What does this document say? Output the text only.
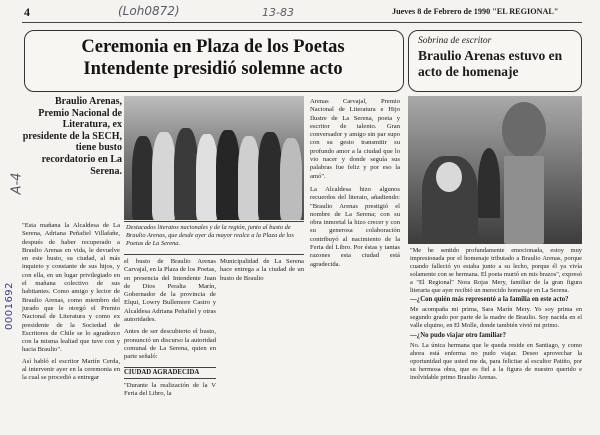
4	(Loh0872)	13-83	Jueves 8 de Febrero de 1990 "EL REGIONAL"
Ceremonia en Plaza de los Poetas
Intendente presidió solemne acto
Sobrina de escritor
Braulio Arenas estuvo en acto de homenaje
Braulio Arenas, Premio Nacional de Literatura, ex presidente de la SECH, tiene busto recordatorio en La Serena.
A-4
0001692
Destacados literatos nacionales y de la región, junto al busto de Braulio Arenas, que desde ayer da mayor realce a la Plaza de los Poetas de La Serena.
"Esta mañana la Alcaldesa de La Serena, Adriana Peñafiel Villafañe, después de haber recuperado a Braulio Arenas en vida, le devuelve en este busto, su ciudad, al más inquieto y constante de sus hijos, y con ella, en un lugar privilegiado en el mañana colectivo de sus habitantes. Como amigo y lector de Braulio Arenas, como miembro del jurado que le otorgó el Premio Nacional de Literatura y como ex presidente de la Sociedad de Escritores de Chile se lo agradezco con la misma lealtad que tuve con y hacia Braulio".
Así habló el escritor Martín Cerda, al intervenir ayer en la ceremonia en la cual se procedió a entregar
el busto de Braulio Arenas Carvajal, en la Plaza de los Poetas, en presencia del Intendente Juan de Dios Peralta Marín, Gobernador de la provincia de Elqui, Lowry Bullemore Castro y Alcaldesa Adriana Peñafiel y otras autoridades.
Antes de ser descubierto el busto, pronunció un discurso la autoridad comunal de La Serena, quien en parte señaló:
CIUDAD AGRADECIDA
"Durante la realización de la V Feria del Libro, la
Municipalidad de La Serena hace entrega a la ciudad de un busto de Braulio
Arenas Carvajal, Premio Nacional de Literatura e Hijo Ilustre de La Serena, poeta y escritor de talento. Gran conversador y amigo sin par supo con su gesto transmitir su profundo amor a la ciudad que lo vio nacer y donde seguía sus palabras fue feliz y por eso la amó".
La Alcaldesa hizo algunos recuerdos del literato, añadiendo: "Braulio Arenas prestigió el nombre de La Serena; con su obra inmortal la hizo crecer y con su generosa colaboración contribuyó al nacimiento de la Feria del Libro. Por éstas y tantas razones esta ciudad está agradecida.
"Me he sentido profundamente emocionada, estoy muy impresionada por el homenaje tributado a Braulio Arenas, porque cuando falleció yo estaba junto a su lecho, porque él ya vivía solamente con se hermana. El poeta murió en mis brazos", expresó a "El Regional" Nora Rojas Mery, familiar de la gran figura literaria que ayer recibió un merecido homenaje en La Serena.
—¿Con quién más representó a la familia en este acto?
Me acompaña mi prima, Sara Marín Mery. Yo soy prima en segundo grado por parte de la madre de Braulio. Soy nacida en el valle elquino, en El Molle, donde también vivió mi primo.
—¿No pudo viajar otro familiar?
No. La única hermana que le queda reside en Santiago, y como ahora está enferma no pudo viajar. Deseo aprovechar la oportunidad que usted me da, para felicitar al escultor Patiño, por su hermosa obra, que es fiel a la figura de nuestro querido e inolvidable primo Braulio Arenas.
